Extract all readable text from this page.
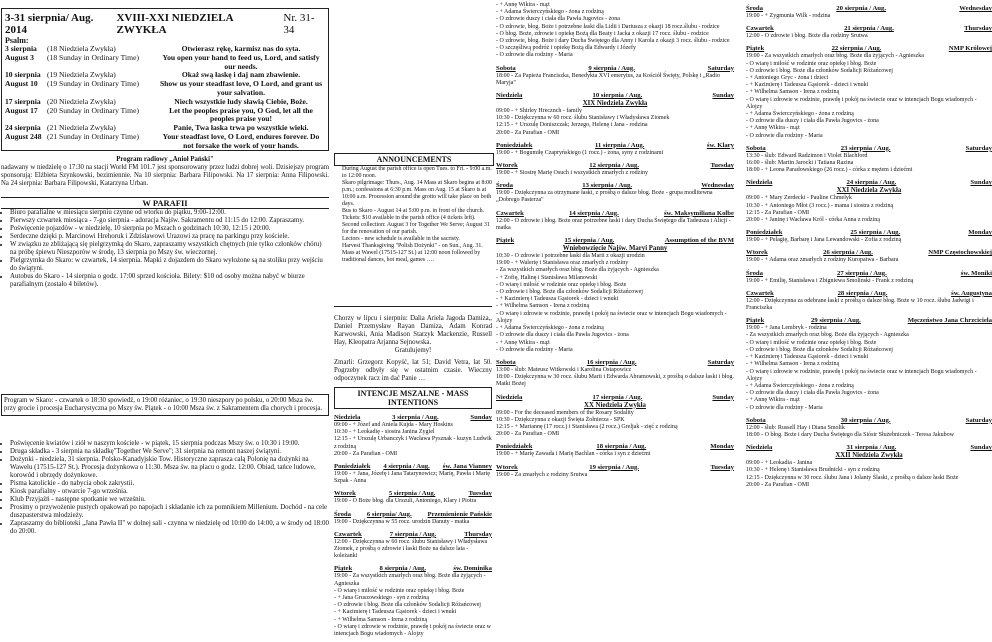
3-31 sierpnia/ Aug. 2014
XVIII-XXI NIEDZIELA ZWYKŁA
Nr. 31-34
Psalm:
3 sierpnia	(18 Niedziela Zwykła)	Otwierasz rękę, karmisz nas do syta.
August 3	(18 Sunday in Ordinary Time)	You open your hand to feed us, Lord, and satisfy our needs.
10 sierpnia (19 Niedziela Zwykła)	Okaż swą łaskę i daj nam zbawienie.
August 10	(19 Sunday in Ordinary Time)	Show us your steadfast love, O Lord, and grant us your salvation.
17 sierpnia (20 Niedziela Zwykła)	Niech wszystkie ludy sławią Ciebie, Boże.
August 17	(20 Sunday in Ordinary Time)	Let the peoples praise you, O God, let all the peoples praise you!
24 sierpnia (21 Niedziela Zwykła)	Panie, Twa łaska trwa po wszystkie wieki.
August 248 (21 Sunday in Ordinary Time)	Your steadfast love, O Lord, endures forever. Do not forsake the work of your hands.
Program radiowy „Anioł Pański"
nadawany w niedzielę o 17:30 na stacji World FM 101.7 jest sponsorowany przez ludzi dobrej woli. Dzisiejszy program sponsorują: Elżbieta Szynkowski, bezimiennie. Na 10 sierpnia: Barbara Filipowski. Na 17 sierpnia: Anna Filipowski. Na 24 sierpnia: Barbara Filipowski, Katarzyna Urban.
W PARAFII
• Biuro parafialne w miesiącu sierpniu czynne od wtorku do piątku, 9:00-12:00.
• Pierwszy czwartek miesiąca - 7-go sierpnia - adoracja Najśw. Sakramentu od 11:15 do 12:00. Zapraszamy.
• Poświęcenie pojazdów - w niedzielę, 10 sierpnia po Mszach o godzinach 10:30, 12:15 i 20:00.
• Serdeczne dzięki p. Marcinowi Hrehoruk i Zdzisławowi Urazowi za pracę na parkingu przy kościele.
• W związku ze zbliżającą się pielgrzymką do Skaro, zapraszamy wszystkich chętnych (nie tylko członków chóru) na próbę śpiewu Nieszporów w środę, 13 sierpnia po Mszy św. wieczornej.
• Pielgrzymka do Skaro: w czwartek, 14 sierpnia. Mapki z dojazdem do Skaro wyłożone są na stoliku przy wejściu do świątyni.
• Autobus do Skaro - 14 sierpnia o godz. 17:00 sprzed kościoła. Bilety: $10 od osoby można nabyć w biurze parafialnym (zostało 4 biletów).
Program w Skaro: - czwartek o 18:30 spowiedź, o 19:00 różaniec, o 19:30 nieszpory po polsku, o 20:00 Msza św. przy grocie i procesja Eucharystyczna po Mszy św. Piątek - o 10:00 Msza św. z Sakramentem dla chorych i procesja.
• Poświęcenie kwiatów i ziół w naszym kościele - w piątek, 15 sierpnia podczas Mszy św. o 10:30 i 19:00.
• Druga składka - 3 sierpnia na składkę"Together We Serve"; 31 sierpnia na remont naszej świątyni.
• Dożynki - niedziela, 31 sierpnia. Polsko-Kanadyjskie Tow. Historyczne zaprasza całą Polonię na dożynki na Wawelu (17515-127 St.). Procesja dożynkowa o 11:30. Msza św. na placu o godz. 12:00. Obiad, tańce ludowe, korowód i obrzędy dożynkowe.
• Pisma katolickie - do nabycia obok zakrystii.
• Kiosk parafialny - otwarcie 7-go września.
• Klub Przyjaźń - następne spotkanie we wrześniu.
• Prosimy o przywożenie pustych opakowań po napojach i składanie ich za pomnikiem Millenium. Dochód - na cele duszpasterstwa młodzieży.
• Zapraszamy do biblioteki „Jana Pawła II" w dolnej sali - czynna w niedzielę od 10:00 do 14:00, a w środy od 18:00 do 20:00.
ANNOUNCEMENTS
• During August the parish office is open Tues. to Fri. - 9:00 a.m. to 12:00 noon.
• Skaro pilgrimage: Thurs., Aug. 14 Mass at Skaro begins at 8:00 p.m.; confessions at 6:30 p.m. Mass on Aug. 15 at Skaro is at 10:00 a.m. Procession around the grotto will take place on both days.
• Bus to Skaro - August 14 at 5:00 p.m. in front of the church. Tickets: $10 available in the parish office (4 tickets left).
• Second collection: August 3 for Together We Serve; August 31 for the renovation of our parish.
• Lectors - new schedule is available in the sacristy.
• Harvest Thanksgiving "Polish Dożynki" - on Sun., Aug. 31. Mass at Wawel (17515-127 St.) at 12:00 noon followed by traditional dances, hot meal, games ….
Chorzy w lipcu i sierpniu: Dalia Ariela Jagoda Damiza,, Daniel Przemysław Rayan Damiza, Adam Konrad Karwowski, Ania Madison Starzyk Mackenzie, Russell Hay, Kleopatra Arjanna Sejnowska.
Gratulujemy!
Zmarli: Grzegorz Kopyść, lat 51; David Vetra, lat 50. Pogrzeby odbyły się w ostatnim czasie. Wieczny odpoczynek racz im dać Panie …
INTENCJE MSZALNE - MASS INTENTIONS
Niedziela	3 sierpnia / Aug.	Sunday
09:00 - + Józef and Aniela Kujda - Mary Hoskins
10:30 - + Leokadię - siostra Janina Zygiel
12:15 - + Urszulę Urbanczyk i Wacława Pysznak - kuzyn Ludwik z rodziną
20:00 - Za Parafian - OMI
Poniedziałek 4 sierpnia / Aug. św. Jana Vianney
19:00 - + Jana, Józefę i Jana Tatarynowicz; Marię, Pawła i Marię Szpak - Anna
Wtorek	5 sierpnia / Aug.	Tuesday
19:00 - O Boże błog. dla Urszuli, Antoniego, Klary i Piotra
Środa 6 sierpnia/ Aug. Przemienienie Pańskie
19:00 - Dziękczynna w 55 rocz. urodzin Danuty - matka
Czwartek	7 sierpnia / Aug.	Thursday
12:00 - Dziękczynna w 60 rocz. ślubu Stanisławy i Władysława Ziomek, z prośbą o zdrowie i łaski Boże na dalsze lata - koleżanki
Piątek	8 sierpnia / Aug.	św. Dominika
19:00 - Za wszystkich zmarłych oraz błog. Boże dla żyjących - Agnieszka
- O wiarę i miłość w rodzinie oraz opiekę i błog. Boże
- + Jana Gruszowskiego - syn z rodziną
- O zdrowie i błog. Boże dla członków Sodalicji Różańcowej
- + Kazimierę i Tadeusza Gąsiorek - dzieci i wnuki
- + Wilhelma Samson - Irena z rodziną
- O wiarę i zdrowie w rodzinie, prawdę i pokój na świecie oraz w intencjach Bogu wiadomych - Alojzy
- + Annę Wikira - mąż
- + Adama Świerczyńskiego - żona z rodziną
- O zdrowie duszy i ciała dla Pawła Jugovics - żona
- O zdrowie, błog. Boże i potrzebne łaski dla Lidii i Dariusza z okazji 18 rocz.ślubu - rodzice
- O błog. Boże, zdrowie i opiekę Bożą dla Beaty i Jacka z okazji 17 rocz. ślubu - rodzice
- O zdrowie, błog. Boże i dary Ducha Świętego dla Anny i Karola z okazji 3 rocz. ślubu - rodzice
- O szczęśliwą podróż i opiekę Bożą dla Edwardy i Józefy
- O zdrowie dla rodziny - Maria
Sobota	9 sierpnia / Aug.	Saturday
18:00 - Za Papieża Franciszka, Benedykta XVI emerytus, za Kościół Święty, Polskę i „Radio Maryja"
Niedziela	10 sierpnia / Aug.	Sunday
XIX Niedziela Zwykła
09:00 - + Shirley Hrecznch - family
10:30 - Dziękczynna w 60 rocz. ślubu Stanisławy i Władysława Ziomek
12:15 - + Urszulę Doniszczak; Jerzego, Helenę i Jana - rodzina
20:00 - Za Parafian - OMI
Poniedziałek	11 sierpnia / Aug.	św. Klary
19:00 - + Bogumiłę Czapryńskiego (1 rocz.) - żona, syny z rodzinami
Wtorek	12 sierpnia / Aug.	Tuesday
19:00 - + Siostrę Marię Osuch i wszystkich zmarłych z rodziny
Środa	13 sierpnia / Aug.	Wednesday
19:00 - Dziękczynna za otrzymane łaski, z prośbą o dalsze błog. Boże - grupa modlitewna „Dobrego Pasterza"
Czwartek	14 sierpnia / Aug.	św. Maksymiliana Kolbe
12:00 - O zdrowie i błog. Boże oraz potrzebne łaski i dary Ducha Świętego dla Tadeusza i Alicji - matka
Piątek	15 sierpnia / Aug.	Assumption of the BVM
Wniebowzięcie Najśw. Maryi Panny
10:30 - O zdrowie i potrzebne łaski dla Marii z okazji urodzin
19:00 - + Walerię i Stanisława oraz zmarłych z rodziny
- Za wszystkich zmarłych oraz błog. Boże dla żyjących - Agnieszka
- + Zofię, Halinę i Stanisława Milanowski
- O wiarę i miłość w rodzinie oraz opiekę i błog. Boże
- O zdrowie i błog. Boże dla członków Sodalicji Różańcowej
- + Kazimierę i Tadeusza Gąsiorek - dzieci i wnuki
- + Wilhelma Samson - Irena z rodziną
- O wiarę i zdrowie w rodzinie, prawdę i pokój na świecie oraz w intencjach Bogu wiadomych - Alojzy
- + Adama Świerczyńskiego - żona z rodziną
- O zdrowie dla duszy i ciała dla Pawła Jugovics - żona
- + Annę Wikira - mąż
- O zdrowie dla rodziny - Maria
Sobota	16 sierpnia / Aug.	Saturday
13:00 - ślub: Mateusz Witkowski i Karolina Ostapowicz
18:00 - Dziękczynna w 30 rocz. ślubu Marii i Edwarda Abramowski, z prośbą o dalsze łaski i błog. Matki Bożej
Niedziela	17 sierpnia / Aug.	Sunday
XX Niedziela Zwykła
09:00 - For the deceased members of the Rosary Sodality
10:30 - Dziękczynna z okazji Święta Żołnierza - SPK
12:15 - + Mariannę (17 rocz.) i Stanisława (2 rocz.) Greljak - zięć z rodziną
20:00 - Za Parafian - OMI
Poniedziałek	18 sierpnia / Aug.	Monday
19:00 - + Marię Zawada i Marię Bachlan - córka i syn z dziećmi
Wtorek	19 sierpnia / Aug.	Tuesday
19:00 - Za zmarłych z rodziny Srutwa
Środa	20 sierpnia / Aug.	Wednesday
19:00 - + Zygmunta Wilk - rodzina
Czwartek	21 sierpnia / Aug.	Thursday
12:00 - O zdrowie i błog. Boże dla rodziny Srutwa
Piątek	22 sierpnia / Aug.	NMP Królowej
19:00 - Za wszystkich zmarłych oraz błog. Boże dla żyjących - Agnieszka
- O wiarę i miłość w rodzinie oraz opiekę i błog. Boże
- O zdrowie i błog. Boże dla członków Sodalicji Różańcowej
- + Antoniego Gryc - żona i dzieci
- + Kazimierę i Tadeusza Gąsiorek - dzieci i wnuki
- + Wilhelma Samson - Irena z rodziną
- O wiarę i zdrowie w rodzinie, prawdę i pokój na świecie oraz w intencjach Bogu wiadomych - Alojzy
- + Adama Świerczyńskiego - żona z rodziną
- O zdrowie dla duszy i ciała dla Pawła Jugovics - żona
- + Annę Wikira - mąż
- O zdrowie dla rodziny - Maria
Sobota	23 sierpnia / Aug.	Saturday
13:30 - ślub: Edward Radzimon i Violet Blachford
16:00 - ślub: Martin Jarocki i Tatiana Razina
18:00 - + Leona Paradowskiego (26 rocz.) - córka z mężem i dziećmi
Niedziela	24 sierpnia / Aug.	Sunday
XXI Niedziela Zwykła
09:00 - + Mary Zerdecki - Pauline Chmelyk
10:30 - + Antoniego Młot (3 rocz.) - mama i siostra z rodziną
12:15 - Za Parafian - OMI
20:00 - + Janinę i Wacława Król - córka Anna z rodziną
Poniedziałek	25 sierpnia / Aug.	Monday
19:00 - + Pelagię, Barbarę i Jana Lewandowski - Zofia z rodziną
Wtorek	26 sierpnia / Aug.	NMP Częstochowskiej
19:00 - + Adama oraz zmarłych z rodziny Kuropatwa - Barbara
Środa	27 sierpnia / Aug.	św. Moniki
19:00 - + Emilię, Stanisława i Zbigniewa Smolinski - Frank z rodziną
Czwartek	28 sierpnia / Aug.	św. Augustyna
12:00 - Dziękczynna za odebrane łaski z prośbą o dalsze błog. Boże w 10 rocz. ślubu Jadwigi i Franciszka
Piątek	29 sierpnia / Aug.	Męczeństwo Jana Chrzciciela
19:00 - + Jana Lembryk - rodzina
- Za wszystkich zmarłych oraz błog. Boże dla żyjących - Agnieszka
- O wiarę i miłość w rodzinie oraz opiekę i błog. Boże
- O zdrowie i błog. Boże dla członków Sodalicji Różańcowej
- + Kazimierę i Tadeusza Gąsiorek - dzieci i wnuki
- + Wilhelma Samson - Irena z rodziną
- O wiarę i zdrowie w rodzinie, prawdę i pokój na świecie oraz w intencjach Bogu wiadomych - Alojzy
- + Adama Świerczyńskiego - żona z rodziną
- O zdrowie dla duszy i ciała dla Pawła Jugovics - żona
- + Annę Wikira - mąż
- O zdrowie dla rodziny - Maria
Sobota	30 sierpnia / Aug.	Saturday
12:00 - ślub: Russell Hay i Diana Smolik
18:00 - O błog. Boże i dary Ducha Świętego dla Sióstr Służebniczek - Teresa Jakubow
Niedziela	31 sierpnia / Aug.	Sunday
XXII Niedziela Zwykła
09:00 - + Leokadia - Janina
10:30 - + Helenę i Stanisława Brudnicki - syn z rodziną
12:15 - Dziękczynna w 30 rocz. ślubu Jana i Jolanty Ślaski, z prośbą o dalsze łaski Boże
20:00 - Za Parafian - OMI
